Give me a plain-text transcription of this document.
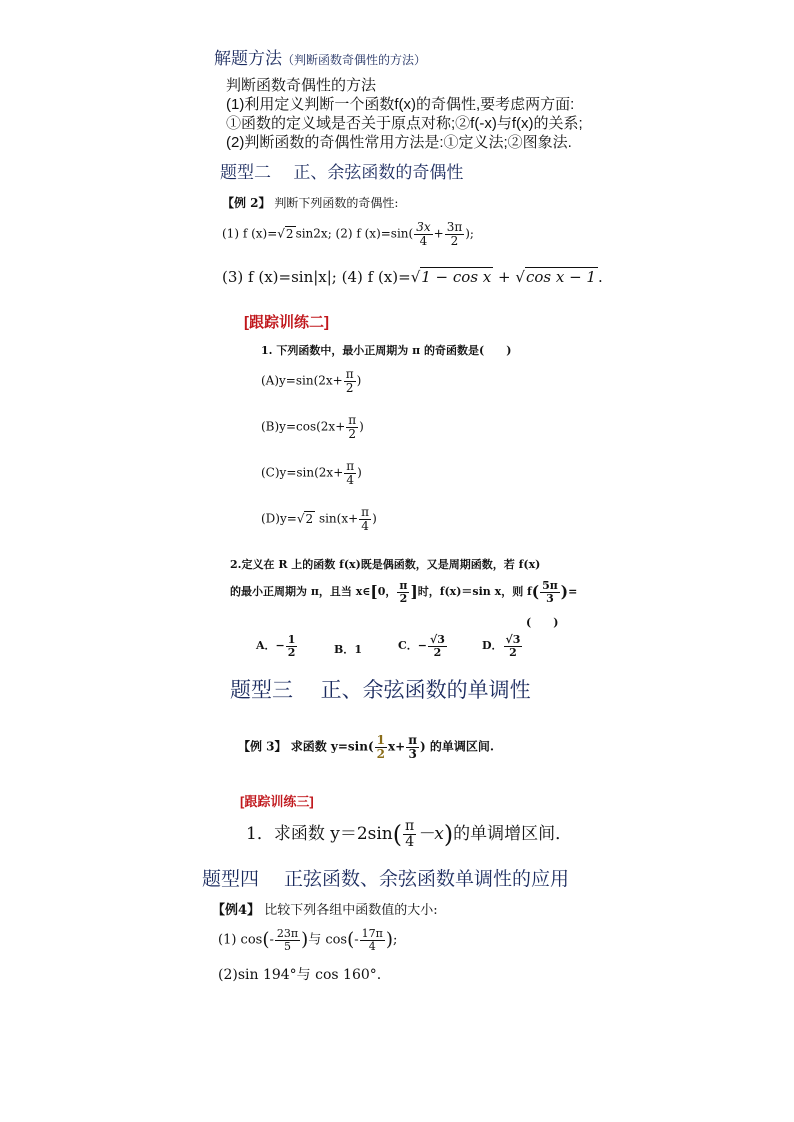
解题方法（判断函数奇偶性的方法）
判断函数奇偶性的方法
(1)利用定义判断一个函数f(x)的奇偶性,要考虑两方面:
①函数的定义域是否关于原点对称;②f(-x)与f(x)的关系;
(2)判断函数的奇偶性常用方法是:①定义法;②图象法.
题型二　 正、余弦函数的奇偶性
【例 2】 判断下列函数的奇偶性:
(1) f (x)=√2 sin2x; (2) f $(x)=\sin( \frac{3x}{4} + \frac{3\pi}{2}$ );
(3) f (x)=sin|x|; (4) f (x)=√1 − cos x + √cos x − 1 .
[跟踪训练二]
1. 下列函数中，最小正周期为 π 的奇函数是(　　)
$(A)y=\sin(2x+ \frac{\pi}{2}$ )
$(B)y=\cos(2x+ \frac{\pi}{2}$ )
$(C)y=\sin(2x+ \frac{\pi}{4}$ )
(D)y=√2 $\sin(x+ \frac{\pi}{4}$ )
2.定义在 R 上的函数 f(x)既是偶函数，又是周期函数，若 f(x)
的最小正周期为 π，且当 x∈[0， $\frac{\pi}{2}$ ]时，f(x)＝sin x，则 $f( \frac{5\pi}{3}$ )=
(　　)
A．− $\frac{1}{2}$	B．1	C．− $\frac{√3}{2}$	D． $\frac{√3}{2}$
题型三　 正、余弦函数的单调性
【例 3】 求函数 $y=\sin( \frac{1}{2} x+ \frac{\pi}{3}$ ) 的单调区间.
[跟踪训练三]
1．求函数 $y=2\sin( \frac{\pi}{4} -x)$的单调增区间．
题型四　 正弦函数、余弦函数单调性的应用
【例4】 比较下列各组中函数值的大小:
(1) $\cos(- \frac{23\pi}{5}$ )与 $\cos(- \frac{17\pi}{4}$ );
(2)sin 194°与 cos 160°.
